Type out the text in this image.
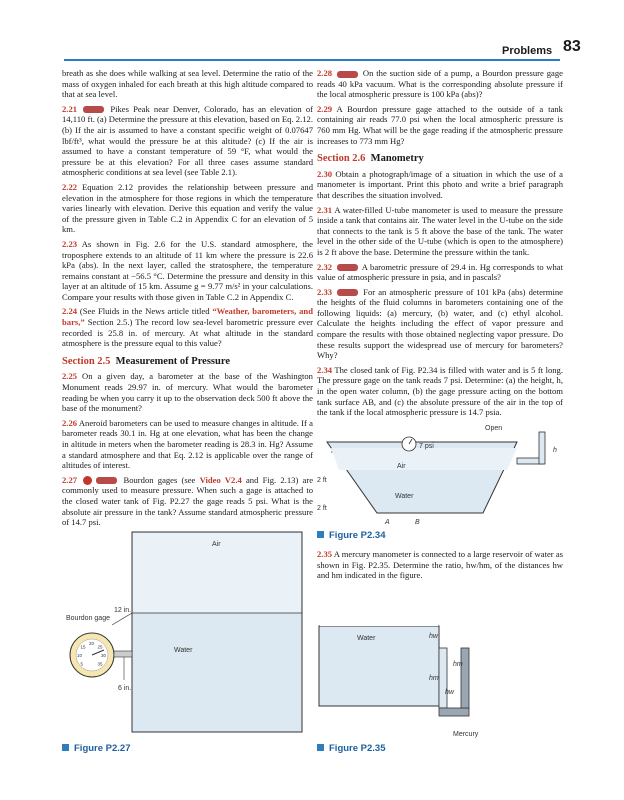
Problems 83

breath as she does while walking at sea level. Determine the ratio of the mass of oxygen inhaled for each breath at this high altitude compared to that at sea level.

2.21	Pikes Peak near Denver, Colorado, has an elevation of 14,110 ft. (a) Determine the pressure at this elevation, based on Eq. 2.12. (b) If the air is assumed to have a constant specific weight of 0.07647 lbf/ft³, what would the pressure be at this altitude? (c) If the air is assumed to have a constant temperature of 59 °F, what would the pressure be at this elevation? For all three cases assume standard atmospheric conditions at sea level (see Table 2.1).

2.22 Equation 2.12 provides the relationship between pressure and elevation in the atmosphere for those regions in which the temperature varies linearly with elevation. Derive this equation and verify the value of the pressure given in Table C.2 in Appendix C for an elevation of 5 km.

2.23 As shown in Fig. 2.6 for the U.S. standard atmosphere, the troposphere extends to an altitude of 11 km where the pressure is 22.6 kPa (abs). In the next layer, called the stratosphere, the temperature remains constant at −56.5 °C. Determine the pressure and density in this layer at an altitude of 15 km. Assume g = 9.77 m/s² in your calculations. Compare your results with those given in Table C.2 in Appendix C.

2.24 (See Fluids in the News article titled “Weather, barometers, and bars,” Section 2.5.) The record low sea-level barometric pressure ever recorded is 25.8 in. of mercury. At what altitude in the standard atmosphere is the pressure equal to this value?

Section 2.5 Measurement of Pressure

2.25 On a given day, a barometer at the base of the Washington Monument reads 29.97 in. of mercury. What would the barometer reading be when you carry it up to the observation deck 500 ft above the base of the monument?

2.26 Aneroid barometers can be used to measure changes in altitude. If a barometer reads 30.1 in. Hg at one elevation, what has been the change in altitude in meters when the barometer reading is 28.3 in. Hg? Assume a standard atmosphere and that Eq. 2.12 is applicable over the range of altitudes of interest.

2.27	Bourdon gages (see Video V2.4 and Fig. 2.13) are commonly used to measure pressure. When such a gage is attached to the closed water tank of Fig. P2.27 the gage reads 5 psi. What is the absolute air pressure in the tank? Assume standard atmospheric pressure of 14.7 psi.

2.28	On the suction side of a pump, a Bourdon pressure gage reads 40 kPa vacuum. What is the corresponding absolute pressure if the local atmospheric pressure is 100 kPa (abs)?

2.29 A Bourdon pressure gage attached to the outside of a tank containing air reads 77.0 psi when the local atmospheric pressure is 760 mm Hg. What will be the gage reading if the atmospheric pressure increases to 773 mm Hg?

Section 2.6 Manometry

2.30 Obtain a photograph/image of a situation in which the use of a manometer is important. Print this photo and write a brief paragraph that describes the situation involved.

2.31 A water-filled U-tube manometer is used to measure the pressure inside a tank that contains air. The water level in the U-tube on the side that connects to the tank is 5 ft above the base of the tank. The water level in the other side of the U-tube (which is open to the atmosphere) is 2 ft above the base. Determine the pressure within the tank.

2.32	A barometric pressure of 29.4 in. Hg corresponds to what value of atmospheric pressure in psia, and in pascals?

2.33	For an atmospheric pressure of 101 kPa (abs) determine the heights of the fluid columns in barometers containing one of the following liquids: (a) mercury, (b) water, and (c) ethyl alcohol. Calculate the heights including the effect of vapor pressure and compare the results with those obtained neglecting vapor pressure. Do these results support the widespread use of mercury for barometers? Why?

2.34 The closed tank of Fig. P2.34 is filled with water and is 5 ft long. The pressure gage on the tank reads 7 psi. Determine: (a) the height, h, in the open water column, (b) the gage pressure acting on the bottom tank surface AB, and (c) the absolute pressure of the air in the top of the tank if the local atmospheric pressure is 14.7 psia.

Open
7 psi
Air
Water
2 ft
2 ft
h
A	B
Figure P2.34

2.35 A mercury manometer is connected to a large reservoir of water as shown in Fig. P2.35. Determine the ratio, hw/hm, of the distances hw and hm indicated in the figure.

Air
Water
Bourdon gage
12 in.
6 in.
5
10
15
20
25
30
35
Figure P2.27
Water	hw
hm
hm
hw
Mercury
Figure P2.35
